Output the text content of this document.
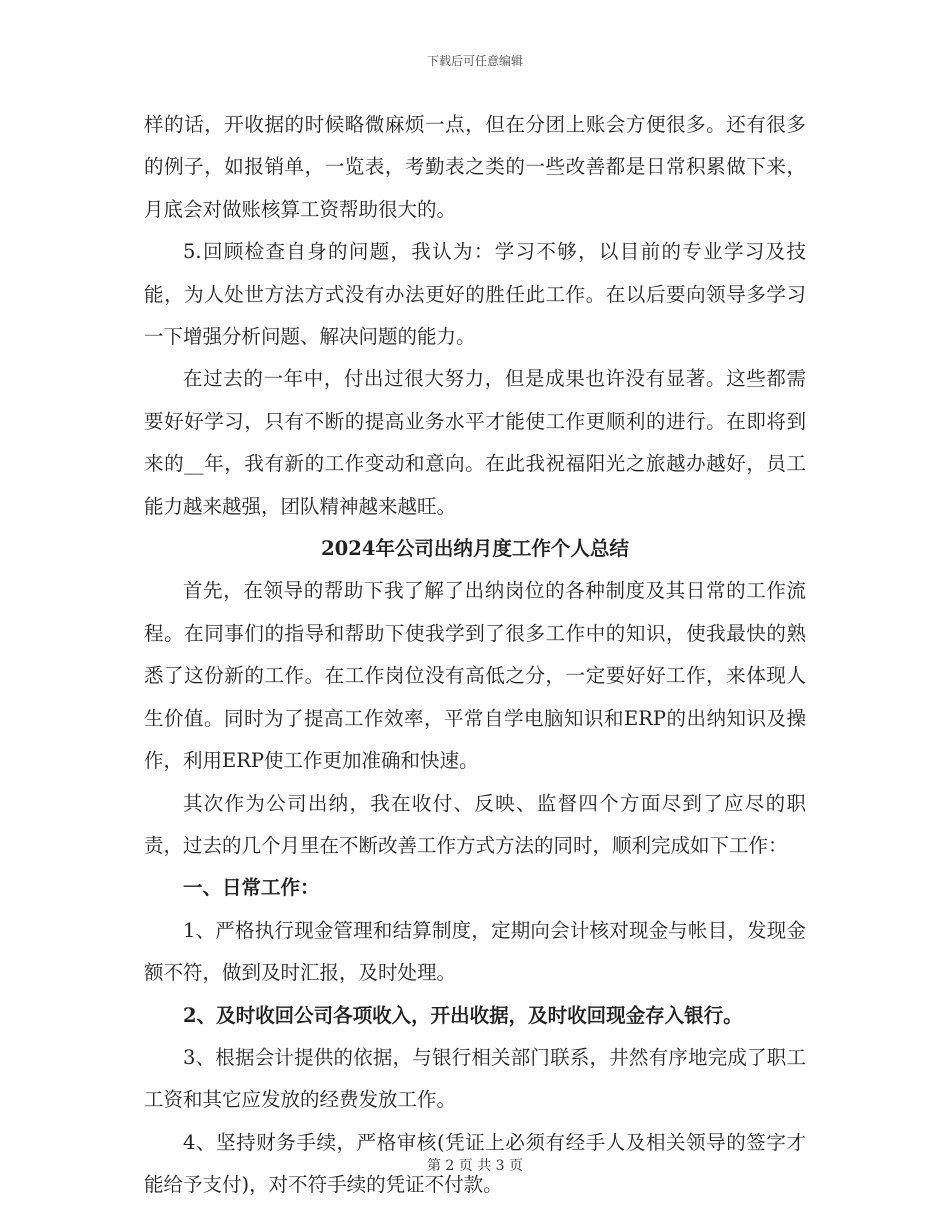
下载后可任意编辑

样的话，开收据的时候略微麻烦一点，但在分团上账会方便很多。还有很多的例子，如报销单，一览表，考勤表之类的一些改善都是日常积累做下来，月底会对做账核算工资帮助很大的。

5.回顾检查自身的问题，我认为：学习不够，以目前的专业学习及技能，为人处世方法方式没有办法更好的胜任此工作。在以后要向领导多学习一下增强分析问题、解决问题的能力。

在过去的一年中，付出过很大努力，但是成果也许没有显著。这些都需要好好学习，只有不断的提高业务水平才能使工作更顺利的进行。在即将到来的__年，我有新的工作变动和意向。在此我祝福阳光之旅越办越好，员工能力越来越强，团队精神越来越旺。

2024年公司出纳月度工作个人总结

首先，在领导的帮助下我了解了出纳岗位的各种制度及其日常的工作流程。在同事们的指导和帮助下使我学到了很多工作中的知识，使我最快的熟悉了这份新的工作。在工作岗位没有高低之分，一定要好好工作，来体现人生价值。同时为了提高工作效率，平常自学电脑知识和ERP的出纳知识及操作，利用ERP使工作更加准确和快速。

其次作为公司出纳，我在收付、反映、监督四个方面尽到了应尽的职责，过去的几个月里在不断改善工作方式方法的同时，顺利完成如下工作：

一、日常工作：

1、严格执行现金管理和结算制度，定期向会计核对现金与帐目，发现金额不符，做到及时汇报，及时处理。

2、及时收回公司各项收入，开出收据，及时收回现金存入银行。

3、根据会计提供的依据，与银行相关部门联系，井然有序地完成了职工工资和其它应发放的经费发放工作。

4、坚持财务手续，严格审核(凭证上必须有经手人及相关领导的签字才能给予支付)，对不符手续的凭证不付款。

第 2 页 共 3 页
